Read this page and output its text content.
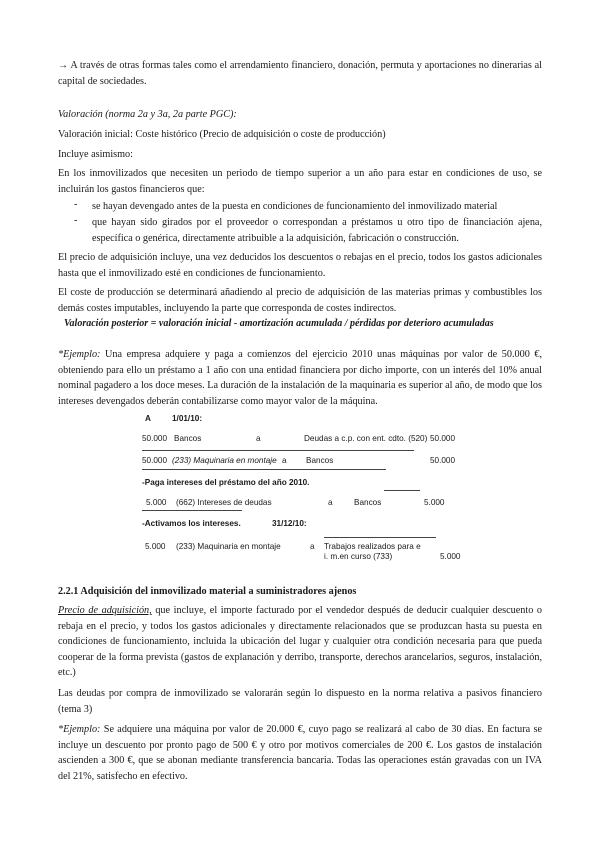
→ A través de otras formas tales como el arrendamiento financiero, donación, permuta y aportaciones no dinerarias al capital de sociedades.
Valoración (norma 2a y 3a, 2a parte PGC):
Valoración inicial: Coste histórico (Precio de adquisición o coste de producción)
Incluye asimismo:
En los inmovilizados que necesiten un periodo de tiempo superior a un año para estar en condiciones de uso, se incluirán los gastos financieros que:
- se hayan devengado antes de la puesta en condiciones de funcionamiento del inmovilizado material
- que hayan sido girados por el proveedor o correspondan a préstamos u otro tipo de financiación ajena, específica o genérica, directamente atribuible a la adquisición, fabricación o construcción.
El precio de adquisición incluye, una vez deducidos los descuentos o rebajas en el precio, todos los gastos adicionales hasta que el inmovilizado esté en condiciones de funcionamiento.
El coste de producción se determinará añadiendo al precio de adquisición de las materias primas y combustibles los demás costes imputables, incluyendo la parte que corresponda de costes indirectos.
Valoración posterior = valoración inicial - amortización acumulada / pérdidas por deterioro acumuladas
*Ejemplo: Una empresa adquiere y paga a comienzos del ejercicio 2010 unas máquinas por valor de 50.000 €, obteniendo para ello un préstamo a 1 año con una entidad financiera por dicho importe, con un interés del 10% anual nominal pagadero a los doce meses. La duración de la instalación de la maquinaria es superior al año, de modo que los intereses devengados deberán contabilizarse como mayor valor de la máquina.
A	1/01/10:
50.000 Bancos	a	Deudas a c.p. con ent. cdto. (520) 50.000
50.000 (233) Maquinaria en montaje a Bancos	50.000
-Paga intereses del préstamo del año 2010.
5.000 (662) Intereses de deudas	a	Bancos	5.000
-Activamos los intereses.	31/12/10:
5.000 (233) Maquinaria en montaje	a Trabajos realizados para e
i. m.en curso (733)	5.000
2.2.1 Adquisición del inmovilizado material a suministradores ajenos
Precio de adquisición, que incluye, el importe facturado por el vendedor después de deducir cualquier descuento o rebaja en el precio, y todos los gastos adicionales y directamente relacionados que se produzcan hasta su puesta en condiciones de funcionamiento, incluida la ubicación del lugar y cualquier otra condición necesaria para que pueda cooperar de la forma prevista (gastos de explanación y derribo, transporte, derechos arancelarios, seguros, instalación, etc.)
Las deudas por compra de inmovilizado se valorarán según lo dispuesto en la norma relativa a pasivos financiero (tema 3)
*Ejemplo: Se adquiere una máquina por valor de 20.000 €, cuyo pago se realizará al cabo de 30 días. En factura se incluye un descuento por pronto pago de 500 € y otro por motivos comerciales de 200 €. Los gastos de instalación ascienden a 300 €, que se abonan mediante transferencia bancaria. Todas las operaciones están gravadas con un IVA del 21%, satisfecho en efectivo.
